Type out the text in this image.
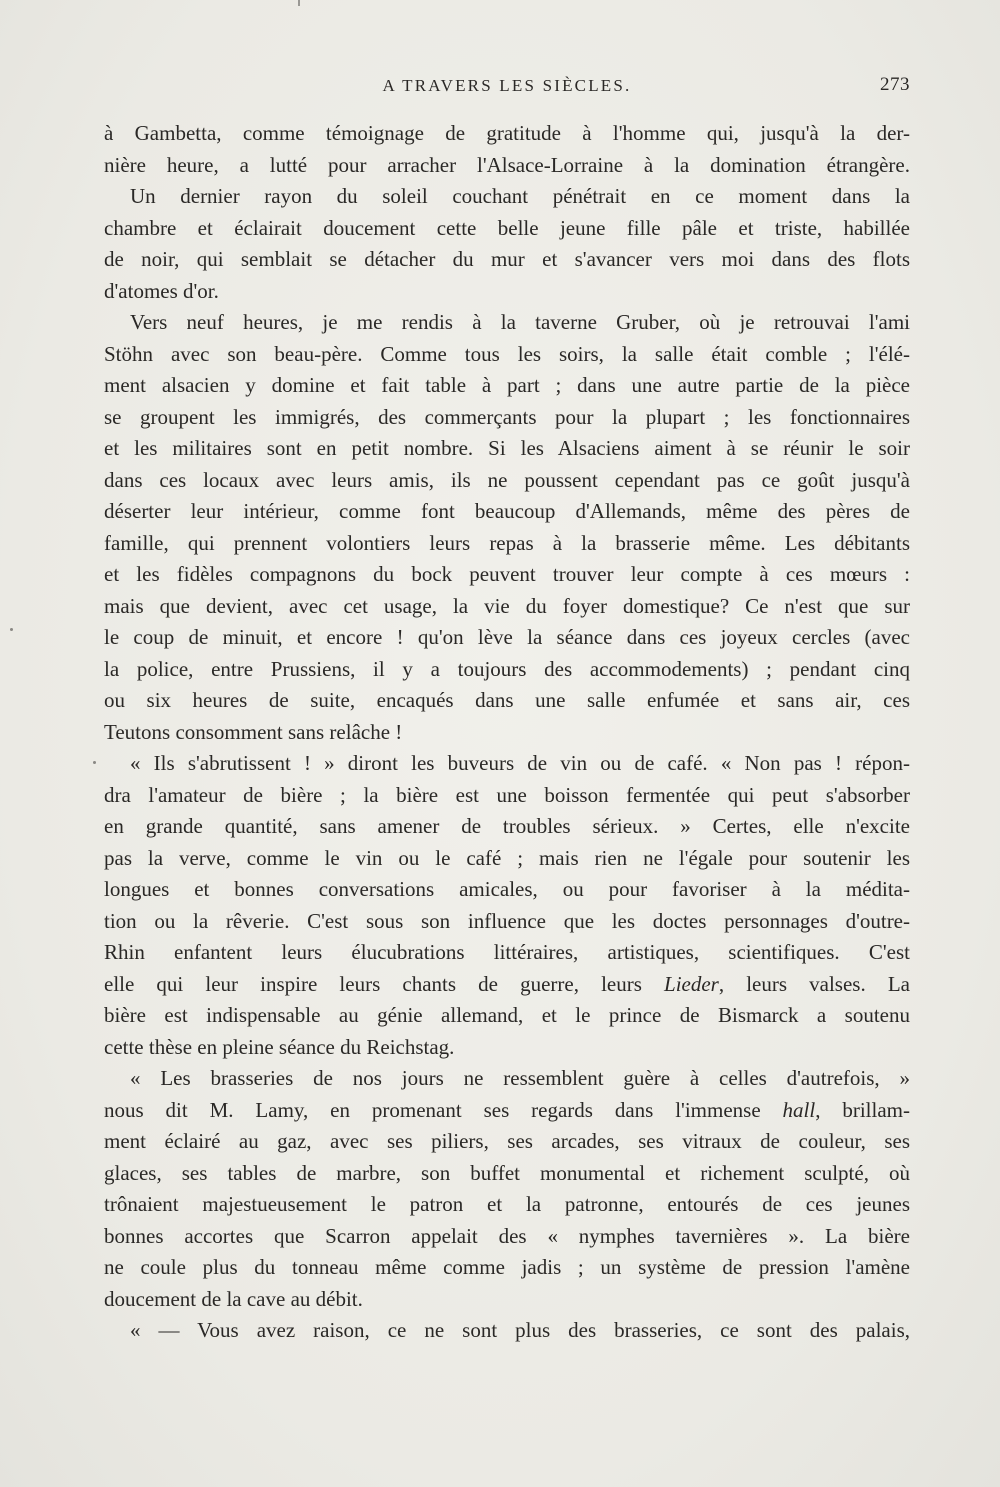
A TRAVERS LES SIÈCLES.	273
à Gambetta, comme témoignage de gratitude à l'homme qui, jusqu'à la der-
nière heure, a lutté pour arracher l'Alsace-Lorraine à la domination étrangère.
Un dernier rayon du soleil couchant pénétrait en ce moment dans la
chambre et éclairait doucement cette belle jeune fille pâle et triste, habillée
de noir, qui semblait se détacher du mur et s'avancer vers moi dans des flots
d'atomes d'or.
Vers neuf heures, je me rendis à la taverne Gruber, où je retrouvai l'ami
Stöhn avec son beau-père. Comme tous les soirs, la salle était comble ; l'élé-
ment alsacien y domine et fait table à part ; dans une autre partie de la pièce
se groupent les immigrés, des commerçants pour la plupart ; les fonctionnaires
et les militaires sont en petit nombre. Si les Alsaciens aiment à se réunir le soir
dans ces locaux avec leurs amis, ils ne poussent cependant pas ce goût jusqu'à
déserter leur intérieur, comme font beaucoup d'Allemands, même des pères de
famille, qui prennent volontiers leurs repas à la brasserie même. Les débitants
et les fidèles compagnons du bock peuvent trouver leur compte à ces mœurs :
mais que devient, avec cet usage, la vie du foyer domestique? Ce n'est que sur
le coup de minuit, et encore ! qu'on lève la séance dans ces joyeux cercles (avec
la police, entre Prussiens, il y a toujours des accommodements) ; pendant cinq
ou six heures de suite, encaqués dans une salle enfumée et sans air, ces
Teutons consomment sans relâche !
« Ils s'abrutissent ! » diront les buveurs de vin ou de café. « Non pas ! répon-
dra l'amateur de bière ; la bière est une boisson fermentée qui peut s'absorber
en grande quantité, sans amener de troubles sérieux. » Certes, elle n'excite
pas la verve, comme le vin ou le café ; mais rien ne l'égale pour soutenir les
longues et bonnes conversations amicales, ou pour favoriser à la médita-
tion ou la rêverie. C'est sous son influence que les doctes personnages d'outre-
Rhin enfantent leurs élucubrations littéraires, artistiques, scientifiques. C'est
elle qui leur inspire leurs chants de guerre, leurs Lieder, leurs valses. La
bière est indispensable au génie allemand, et le prince de Bismarck a soutenu
cette thèse en pleine séance du Reichstag.
« Les brasseries de nos jours ne ressemblent guère à celles d'autrefois, »
nous dit M. Lamy, en promenant ses regards dans l'immense hall, brillam-
ment éclairé au gaz, avec ses piliers, ses arcades, ses vitraux de couleur, ses
glaces, ses tables de marbre, son buffet monumental et richement sculpté, où
trônaient majestueusement le patron et la patronne, entourés de ces jeunes
bonnes accortes que Scarron appelait des « nymphes tavernières ». La bière
ne coule plus du tonneau même comme jadis ; un système de pression l'amène
doucement de la cave au débit.
« — Vous avez raison, ce ne sont plus des brasseries, ce sont des palais,
